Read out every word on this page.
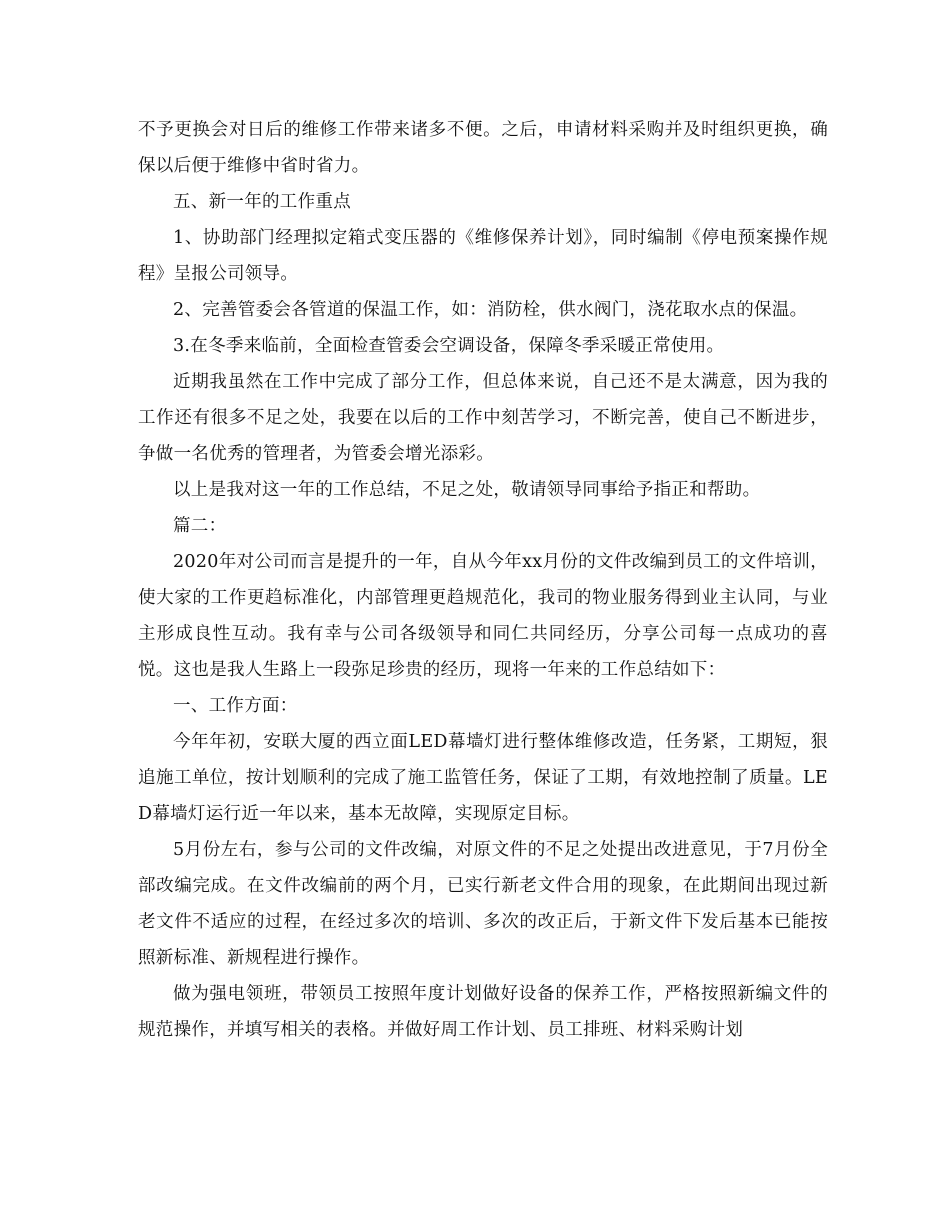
不予更换会对日后的维修工作带来诸多不便。之后，申请材料采购并及时组织更换，确保以后便于维修中省时省力。

五、新一年的工作重点

1、协助部门经理拟定箱式变压器的《维修保养计划》，同时编制《停电预案操作规程》呈报公司领导。

2、完善管委会各管道的保温工作，如：消防栓，供水阀门，浇花取水点的保温。

3.在冬季来临前，全面检查管委会空调设备，保障冬季采暖正常使用。

近期我虽然在工作中完成了部分工作，但总体来说，自己还不是太满意，因为我的工作还有很多不足之处，我要在以后的工作中刻苦学习，不断完善，使自己不断进步，争做一名优秀的管理者，为管委会增光添彩。

以上是我对这一年的工作总结，不足之处，敬请领导同事给予指正和帮助。

篇二：

2020年对公司而言是提升的一年，自从今年xx月份的文件改编到员工的文件培训，使大家的工作更趋标准化，内部管理更趋规范化，我司的物业服务得到业主认同，与业主形成良性互动。我有幸与公司各级领导和同仁共同经历，分享公司每一点成功的喜悦。这也是我人生路上一段弥足珍贵的经历，现将一年来的工作总结如下：

一、工作方面：

今年年初，安联大厦的西立面LED幕墙灯进行整体维修改造，任务紧，工期短，狠追施工单位，按计划顺利的完成了施工监管任务，保证了工期，有效地控制了质量。LED幕墙灯运行近一年以来，基本无故障，实现原定目标。

5月份左右，参与公司的文件改编，对原文件的不足之处提出改进意见，于7月份全部改编完成。在文件改编前的两个月，已实行新老文件合用的现象，在此期间出现过新老文件不适应的过程，在经过多次的培训、多次的改正后，于新文件下发后基本已能按照新标准、新规程进行操作。

做为强电领班，带领员工按照年度计划做好设备的保养工作，严格按照新编文件的规范操作，并填写相关的表格。并做好周工作计划、员工排班、材料采购计划
